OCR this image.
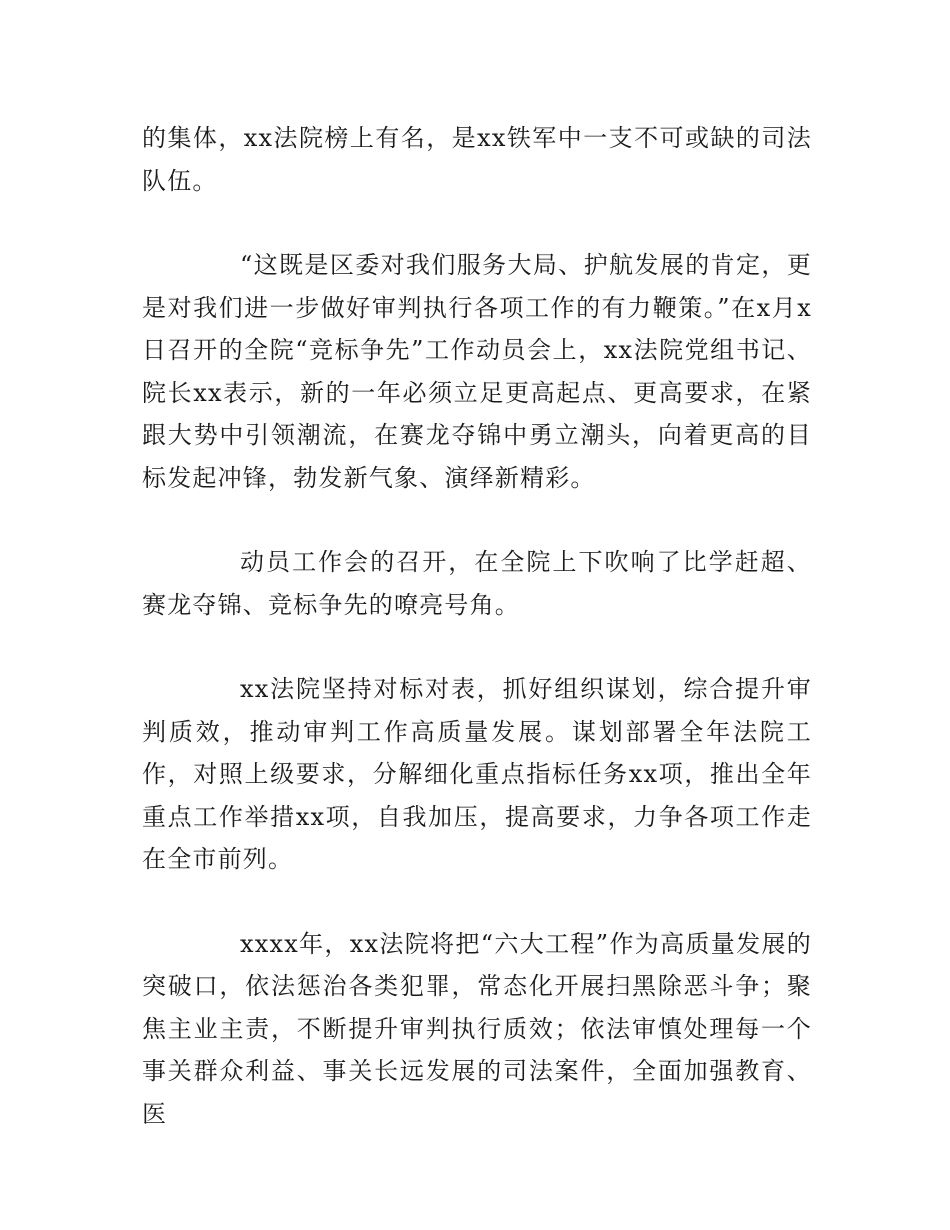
的集体，xx法院榜上有名，是xx铁军中一支不可或缺的司法队伍。

“这既是区委对我们服务大局、护航发展的肯定，更是对我们进一步做好审判执行各项工作的有力鞭策。”在x月x日召开的全院“竞标争先”工作动员会上，xx法院党组书记、院长xx表示，新的一年必须立足更高起点、更高要求，在紧跟大势中引领潮流，在赛龙夺锦中勇立潮头，向着更高的目标发起冲锋，勃发新气象、演绎新精彩。

动员工作会的召开，在全院上下吹响了比学赶超、赛龙夺锦、竞标争先的嘹亮号角。

xx法院坚持对标对表，抓好组织谋划，综合提升审判质效，推动审判工作高质量发展。谋划部署全年法院工作，对照上级要求，分解细化重点指标任务xx项，推出全年重点工作举措xx项，自我加压，提高要求，力争各项工作走在全市前列。

xxxx年，xx法院将把“六大工程”作为高质量发展的突破口，依法惩治各类犯罪，常态化开展扫黑除恶斗争；聚焦主业主责，不断提升审判执行质效；依法审慎处理每一个事关群众利益、事关长远发展的司法案件，全面加强教育、医
